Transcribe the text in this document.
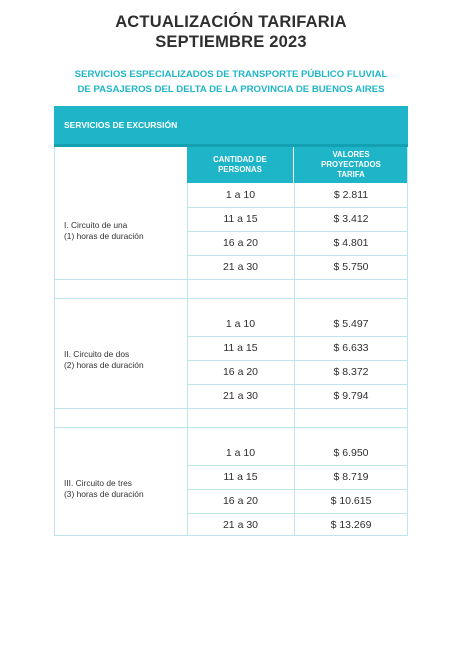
ACTUALIZACIÓN TARIFARIA
SEPTIEMBRE 2023
SERVICIOS ESPECIALIZADOS DE TRANSPORTE PÚBLICO FLUVIAL
DE PASAJEROS DEL DELTA DE LA PROVINCIA DE BUENOS AIRES
SERVICIOS DE EXCURSIÓN
CANTIDAD DE
PERSONAS
VALORES
PROYECTADOS
TARIFA
I. Circuito de una
(1) horas de duración
1 a 10	$ 2.811
11 a 15	$ 3.412
16 a 20	$ 4.801
21 a 30	$ 5.750
II. Circuito de dos
(2) horas de duración
1 a 10	$ 5.497
11 a 15	$ 6.633
16 a 20	$ 8.372
21 a 30	$ 9.794
III. Circuito de tres
(3) horas de duración
1 a 10	$ 6.950
11 a 15	$ 8.719
16 a 20	$ 10.615
21 a 30	$ 13.269
